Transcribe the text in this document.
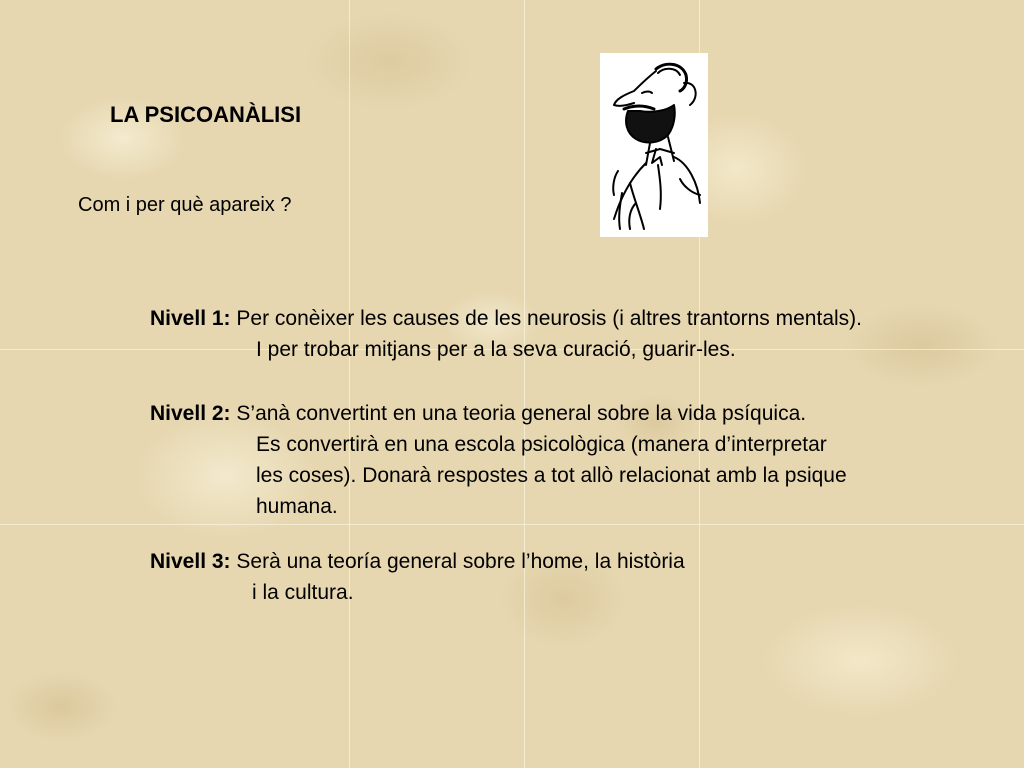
LA PSICOANÀLISI

Com i per què apareix ?

Nivell 1: Per conèixer les causes de les neurosis (i altres trantorns mentals).
I per trobar mitjans per a la seva curació, guarir-les.
Nivell 2: S’anà convertint en una teoria general sobre la vida psíquica.
Es convertirà en una escola psicològica (manera d’interpretar
les coses). Donarà respostes a tot allò relacionat amb la psique
humana.
Nivell 3: Serà una teoría general sobre l’home, la història
i la cultura.
